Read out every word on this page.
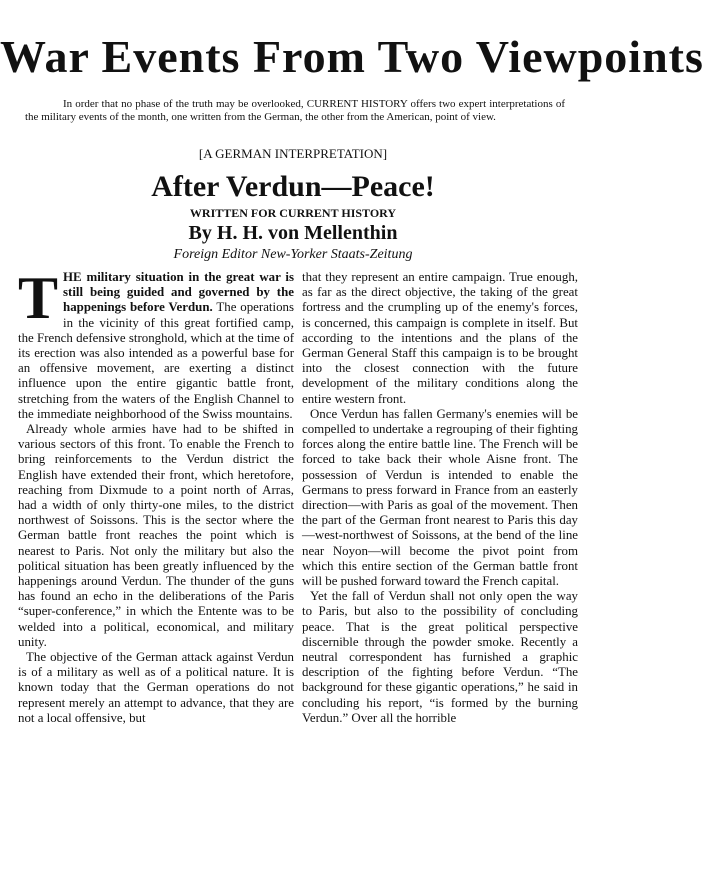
War Events From Two Viewpoints

In order that no phase of the truth may be overlooked, CURRENT HISTORY offers two expert interpretations of the military events of the month, one written from the German, the other from the American, point of view.

[A GERMAN INTERPRETATION]
After Verdun—Peace!
WRITTEN FOR CURRENT HISTORY
By H. H. von Mellenthin
Foreign Editor New-Yorker Staats-Zeitung

THE military situation in the great war is still being guided and governed by the happenings before Verdun. The operations in the vicinity of this great fortified camp, the French defensive stronghold, which at the time of its erection was also intended as a powerful base for an offensive movement, are exerting a distinct influence upon the entire gigantic battle front, stretching from the waters of the English Channel to the immediate neighborhood of the Swiss mountains.

Already whole armies have had to be shifted in various sectors of this front. To enable the French to bring reinforcements to the Verdun district the English have extended their front, which heretofore, reaching from Dixmude to a point north of Arras, had a width of only thirty-one miles, to the district northwest of Soissons. This is the sector where the German battle front reaches the point which is nearest to Paris. Not only the military but also the political situation has been greatly influenced by the happenings around Verdun. The thunder of the guns has found an echo in the deliberations of the Paris “super-conference,” in which the Entente was to be welded into a political, economical, and military unity.

The objective of the German attack against Verdun is of a military as well as of a political nature. It is known today that the German operations do not represent merely an attempt to advance, that they are not a local offensive, but

that they represent an entire campaign. True enough, as far as the direct objective, the taking of the great fortress and the crumpling up of the enemy's forces, is concerned, this campaign is complete in itself. But according to the intentions and the plans of the German General Staff this campaign is to be brought into the closest connection with the future development of the military conditions along the entire western front.

Once Verdun has fallen Germany's enemies will be compelled to undertake a regrouping of their fighting forces along the entire battle line. The French will be forced to take back their whole Aisne front. The possession of Verdun is intended to enable the Germans to press forward in France from an easterly direction—with Paris as goal of the movement. Then the part of the German front nearest to Paris this day—west-northwest of Soissons, at the bend of the line near Noyon—will become the pivot point from which this entire section of the German battle front will be pushed forward toward the French capital.

Yet the fall of Verdun shall not only open the way to Paris, but also to the possibility of concluding peace. That is the great political perspective discernible through the powder smoke. Recently a neutral correspondent has furnished a graphic description of the fighting before Verdun. “The background for these gigantic operations,” he said in concluding his report, “is formed by the burning Verdun.” Over all the horrible
